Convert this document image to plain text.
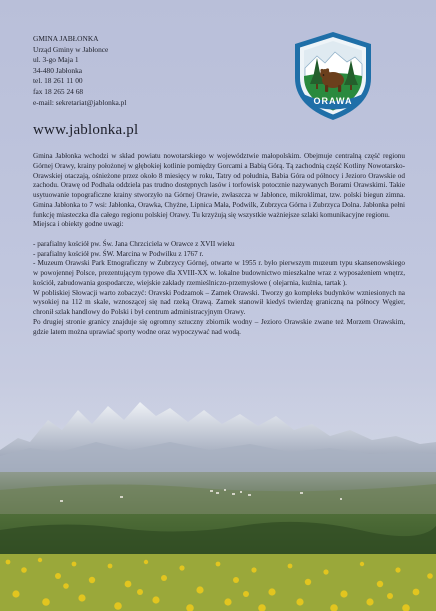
GMINA JABŁONKA
Urząd Gminy w Jabłonce
ul. 3-go Maja 1
34-480 Jabłonka
tel. 18 261 11 00
fax 18 265 24 68
e-mail: sekretariat@jablonka.pl	ORAWA
www.jablonka.pl

Gmina Jabłonka wchodzi w skład powiatu nowotarskiego w województwie małopolskim. Obejmuje centralną część regionu Górnej Orawy, krainy położonej w głębokiej kotlinie pomiędzy Gorcami a Babią Górą. Tą zachodnią część Kotliny Nowotarsko-Orawskiej otaczają, ośnieżone przez około 8 miesięcy w roku, Tatry od południa, Babia Góra od północy i Jezioro Orawskie od zachodu. Orawę od Podhala oddziela pas trudno dostępnych lasów i torfowisk potocznie nazywanych Borami Orawskimi. Takie usytuowanie topograficzne krainy stworzyło na Górnej Orawie, zwłaszcza w Jabłonce, mikroklimat, tzw. polski biegun zimna. Gmina Jabłonka to 7 wsi: Jabłonka, Orawka, Chyżne, Lipnica Mała, Podwilk, Zubrzyca Górna i Zubrzyca Dolna. Jabłonka pełni funkcję miasteczka dla całego regionu polskiej Orawy. Tu krzyżują się wszystkie ważniejsze szlaki komunikacyjne regionu.

Miejsca i obiekty godne uwagi:

- parafialny kościół pw. Św. Jana Chrzciciela w Orawce z XVII wieku

- parafialny kościół pw. ŚW. Marcina w Podwilku z 1767 r.

- Muzeum Orawski Park Etnograficzny w Zubrzycy Górnej, otwarte w 1955 r. było pierwszym muzeum typu skansenowskiego w powojennej Polsce, prezentującym typowe dla XVIII-XX w. lokalne budownictwo mieszkalne wraz z wyposażeniem wnętrz, kościół, zabudowania gospodarcze, wiejskie zakłady rzemieślniczo-przemysłowe ( olejarnia, kuźnia, tartak ).

W pobliskiej Słowacji warto zobaczyć: Oravski Podzamok – Zamek Orawski. Tworzy go kompleks budynków wzniesionych na wysokiej na 112 m skale, wznoszącej się nad rzeką Orawą. Zamek stanowił kiedyś twierdzę graniczną na północy Węgier, chronił szlak handlowy do Polski i był centrum administracyjnym Orawy.

Po drugiej stronie granicy znajduje się ogromny sztuczny zbiornik wodny – Jezioro Orawskie zwane też Morzem Orawskim, gdzie latem można uprawiać sporty wodne oraz wypoczywać nad wodą.
